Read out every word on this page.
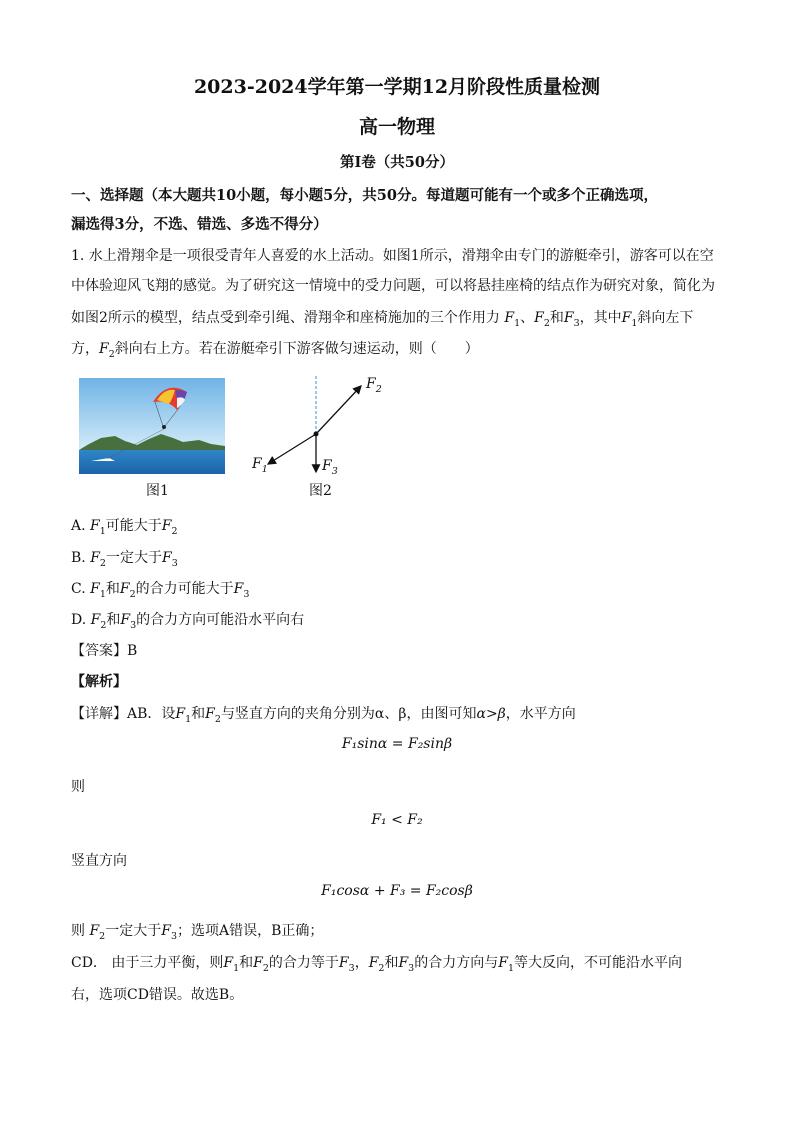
2023-2024学年第一学期12月阶段性质量检测
高一物理
第Ⅰ卷（共50分）
一、选择题（本大题共10小题，每小题5分，共50分。每道题可能有一个或多个正确选项，
漏选得3分，不选、错选、多选不得分）
1. 水上滑翔伞是一项很受青年人喜爱的水上活动。如图1所示，滑翔伞由专门的游艇牵引，游客可以在空
中体验迎风飞翔的感觉。为了研究这一情境中的受力问题，可以将悬挂座椅的结点作为研究对象，简化为
如图2所示的模型，结点受到牵引绳、滑翔伞和座椅施加的三个作用力 $F_1$、$F_2$和$F_3$，其中$F_1$斜向左下
方，$F_2$斜向右上方。若在游艇牵引下游客做匀速运动，则（　　）
图1
$F_2$
$F_1$	$F_3$
图2
A. $F_1$可能大于$F_2$
B. $F_2$一定大于$F_3$
C. $F_1$和$F_2$的合力可能大于$F_3$
D. $F_2$和$F_3$的合力方向可能沿水平向右
【答案】B
【解析】
【详解】AB．设$F_1$和$F_2$与竖直方向的夹角分别为α、β，由图可知α>β，水平方向
F₁sinα = F₂sinβ
则
F₁ < F₂
竖直方向
F₁cosα + F₃ = F₂cosβ
则 $F_2$一定大于$F_3$；选项A错误，B正确；
CD． 由于三力平衡，则$F_1$和$F_2$的合力等于$F_3$，$F_2$和$F_3$的合力方向与$F_1$等大反向，不可能沿水平向
右，选项CD错误。故选B。
